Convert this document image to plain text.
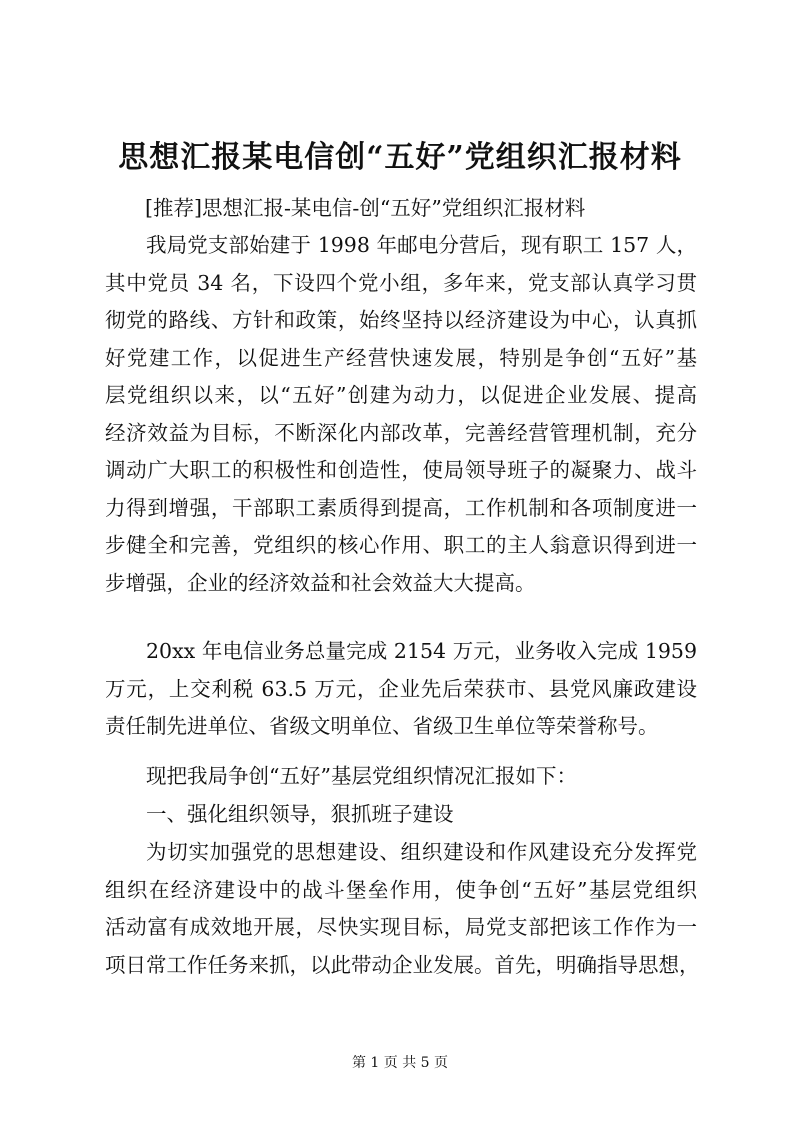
思想汇报某电信创“五好”党组织汇报材料
[推荐]思想汇报-某电信-创“五好”党组织汇报材料
我局党支部始建于 1998 年邮电分营后，现有职工 157 人，
其中党员 34 名，下设四个党小组，多年来，党支部认真学习贯
彻党的路线、方针和政策，始终坚持以经济建设为中心，认真抓
好党建工作，以促进生产经营快速发展，特别是争创“五好”基
层党组织以来，以“五好”创建为动力，以促进企业发展、提高
经济效益为目标，不断深化内部改革，完善经营管理机制，充分
调动广大职工的积极性和创造性，使局领导班子的凝聚力、战斗
力得到增强，干部职工素质得到提高，工作机制和各项制度进一
步健全和完善，党组织的核心作用、职工的主人翁意识得到进一
步增强，企业的经济效益和社会效益大大提高。
20xx 年电信业务总量完成 2154 万元，业务收入完成 1959
万元，上交利税 63.5 万元，企业先后荣获市、县党风廉政建设
责任制先进单位、省级文明单位、省级卫生单位等荣誉称号。
现把我局争创“五好”基层党组织情况汇报如下：
一、强化组织领导，狠抓班子建设
为切实加强党的思想建设、组织建设和作风建设充分发挥党
组织在经济建设中的战斗堡垒作用，使争创“五好”基层党组织
活动富有成效地开展，尽快实现目标，局党支部把该工作作为一
项日常工作任务来抓，以此带动企业发展。首先，明确指导思想，
第 1 页 共 5 页
